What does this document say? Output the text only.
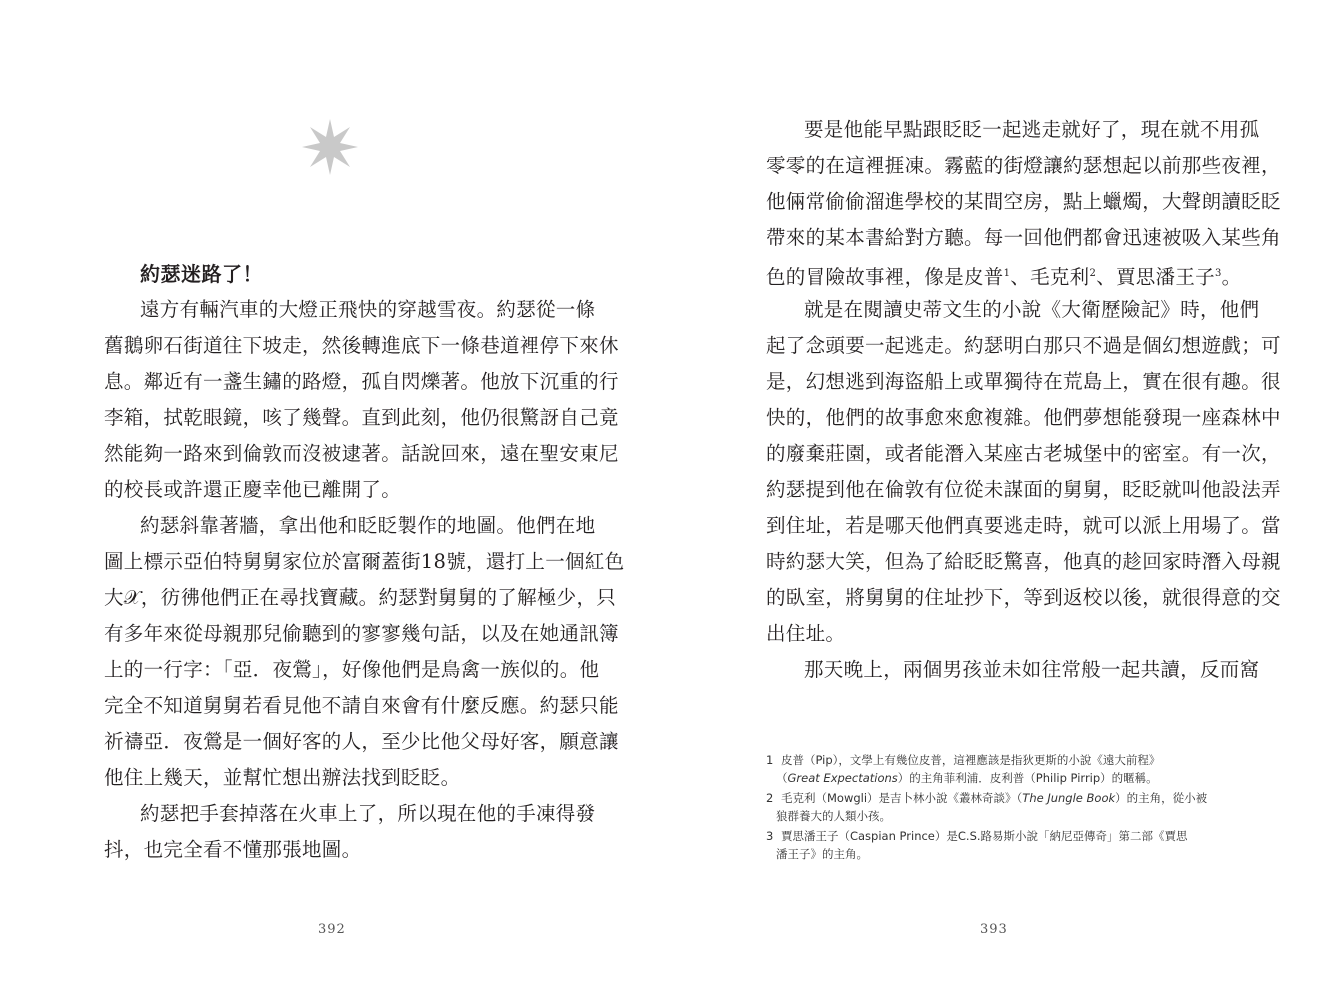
約瑟迷路了！
遠方有輛汽車的大燈正飛快的穿越雪夜。約瑟從一條
舊鵝卵石街道往下坡走，然後轉進底下一條巷道裡停下來休
息。鄰近有一盞生鏽的路燈，孤自閃爍著。他放下沉重的行
李箱，拭乾眼鏡，咳了幾聲。直到此刻，他仍很驚訝自己竟
然能夠一路來到倫敦而沒被逮著。話說回來，遠在聖安東尼
的校長或許還正慶幸他已離開了。
約瑟斜靠著牆，拿出他和眨眨製作的地圖。他們在地
圖上標示亞伯特舅舅家位於富爾蓋街18號，還打上一個紅色
大𝒳，彷彿他們正在尋找寶藏。約瑟對舅舅的了解極少，只
有多年來從母親那兒偷聽到的寥寥幾句話，以及在她通訊簿
上的一行字：「亞．夜鶯」，好像他們是鳥禽一族似的。他
完全不知道舅舅若看見他不請自來會有什麼反應。約瑟只能
祈禱亞．夜鶯是一個好客的人，至少比他父母好客，願意讓
他住上幾天，並幫忙想出辦法找到眨眨。
約瑟把手套掉落在火車上了，所以現在他的手凍得發
抖，也完全看不懂那張地圖。
392
要是他能早點跟眨眨一起逃走就好了，現在就不用孤
零零的在這裡捱凍。霧藍的街燈讓約瑟想起以前那些夜裡，
他倆常偷偷溜進學校的某間空房，點上蠟燭，大聲朗讀眨眨
帶來的某本書給對方聽。每一回他們都會迅速被吸入某些角
色的冒險故事裡，像是皮普$^1$、毛克利$^2$、賈思潘王子$^3$。
就是在閱讀史蒂文生的小說《大衛歷險記》時，他們
起了念頭要一起逃走。約瑟明白那只不過是個幻想遊戲；可
是，幻想逃到海盜船上或單獨待在荒島上，實在很有趣。很
快的，他們的故事愈來愈複雜。他們夢想能發現一座森林中
的廢棄莊園，或者能潛入某座古老城堡中的密室。有一次，
約瑟提到他在倫敦有位從未謀面的舅舅，眨眨就叫他設法弄
到住址，若是哪天他們真要逃走時，就可以派上用場了。當
時約瑟大笑，但為了給眨眨驚喜，他真的趁回家時潛入母親
的臥室，將舅舅的住址抄下，等到返校以後，就很得意的交
出住址。
那天晚上，兩個男孩並未如往常般一起共讀，反而窩
1 皮普（Pip），文學上有幾位皮普，這裡應該是指狄更斯的小說《遠大前程》
（Great Expectations）的主角菲利浦．皮利普（Philip Pirrip）的暱稱。
2 毛克利（Mowgli）是吉卜林小說《叢林奇談》（The Jungle Book）的主角，從小被
狼群養大的人類小孩。
3 賈思潘王子（Caspian Prince）是C.S.路易斯小說「納尼亞傳奇」第二部《賈思
潘王子》的主角。
393
